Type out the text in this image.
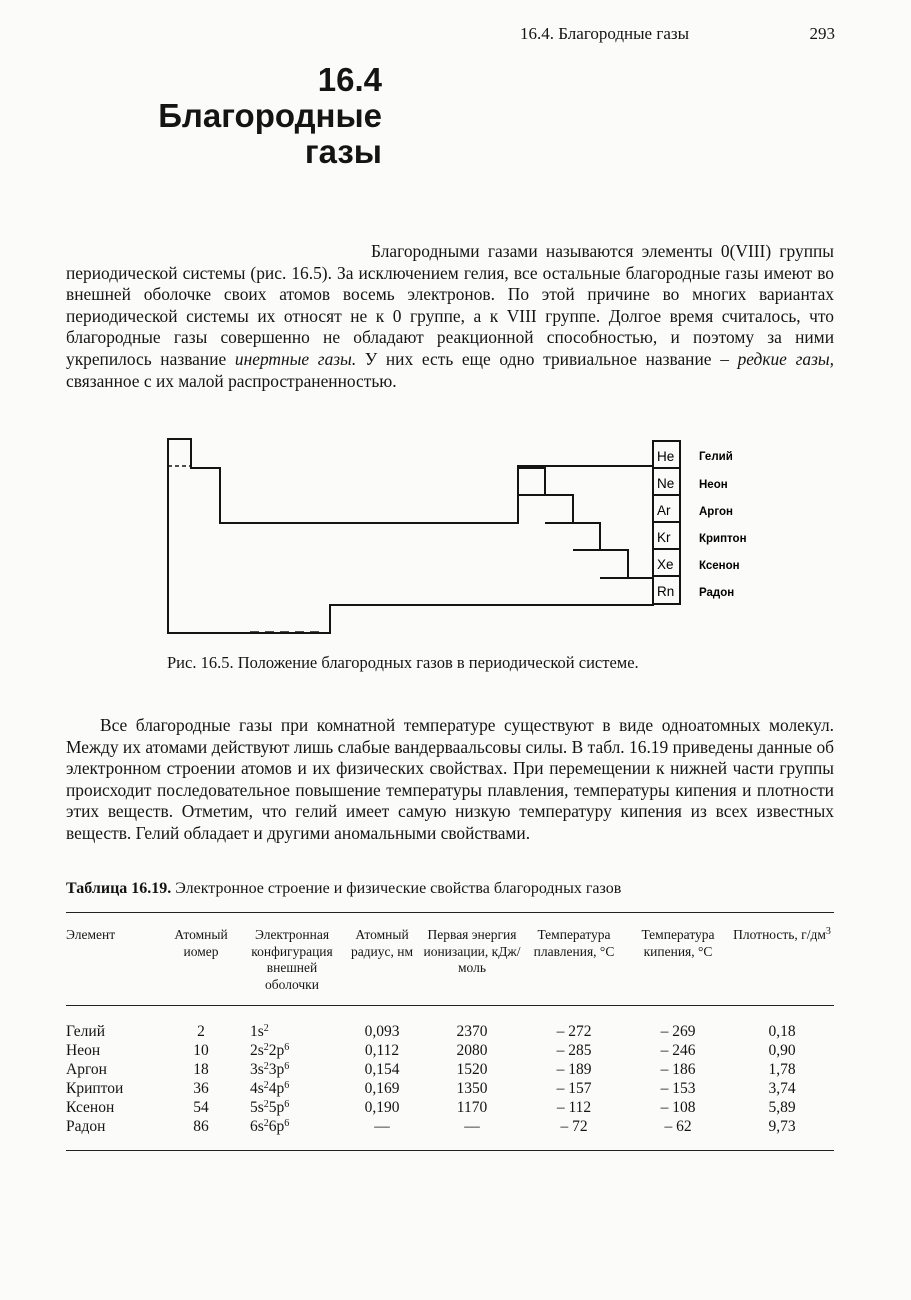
16.4. Благородные газы	293
16.4
Благородные
газы

Благородными газами называются элементы 0(VIII) группы периодической системы (рис. 16.5). За исключением гелия, все остальные благородные газы имеют во внешней оболочке своих атомов восемь электронов. По этой причине во многих вариантах периодической системы их относят не к 0 группе, а к VIII группе. Долгое время считалось, что благородные газы совершенно не обладают реакционной способностью, и поэтому за ними укрепилось название инертные газы. У них есть еще одно тривиальное название – редкие газы, связанное с их малой распространенностью.

He
Ne
Ar
Kr
Xe
Rn
Гелий
Неон
Аргон
Криптон
Ксенон
Радон
Рис. 16.5. Положение благородных газов в периодической системе.

Все благородные газы при комнатной температуре существуют в виде одноатомных молекул. Между их атомами действуют лишь слабые вандерваальсовы силы. В табл. 16.19 приведены данные об электронном строении атомов и их физических свойствах. При перемещении к нижней части группы происходит последовательное повышение температуры плавления, температуры кипения и плотности этих веществ. Отметим, что гелий имеет самую низкую температуру кипения из всех известных веществ. Гелий обладает и другими аномальными свойствами.

Таблица 16.19. Электронное строение и физические свойства благородных газов
Элемент	Атомный иомер	Электронная конфигурация внешней оболочки	Атомный радиус, нм	Первая энергия ионизации, кДж/моль	Температура плавления, °С	Температура кипения, °С	Плотность, $г/дм^3$
Гелий	2	$1s^2$	0,093	2370	– 272	– 269	0,18
Неон	10	$2s^22p^6$	0,112	2080	– 285	– 246	0,90
Аргон	18	$3s^23p^6$	0,154	1520	– 189	– 186	1,78
Криптои	36	$4s^24p^6$	0,169	1350	– 157	– 153	3,74
Ксенон	54	$5s^25p^6$	0,190	1170	– 112	– 108	5,89
Радон	86	$6s^26p^6$	—	—	– 72	– 62	9,73
